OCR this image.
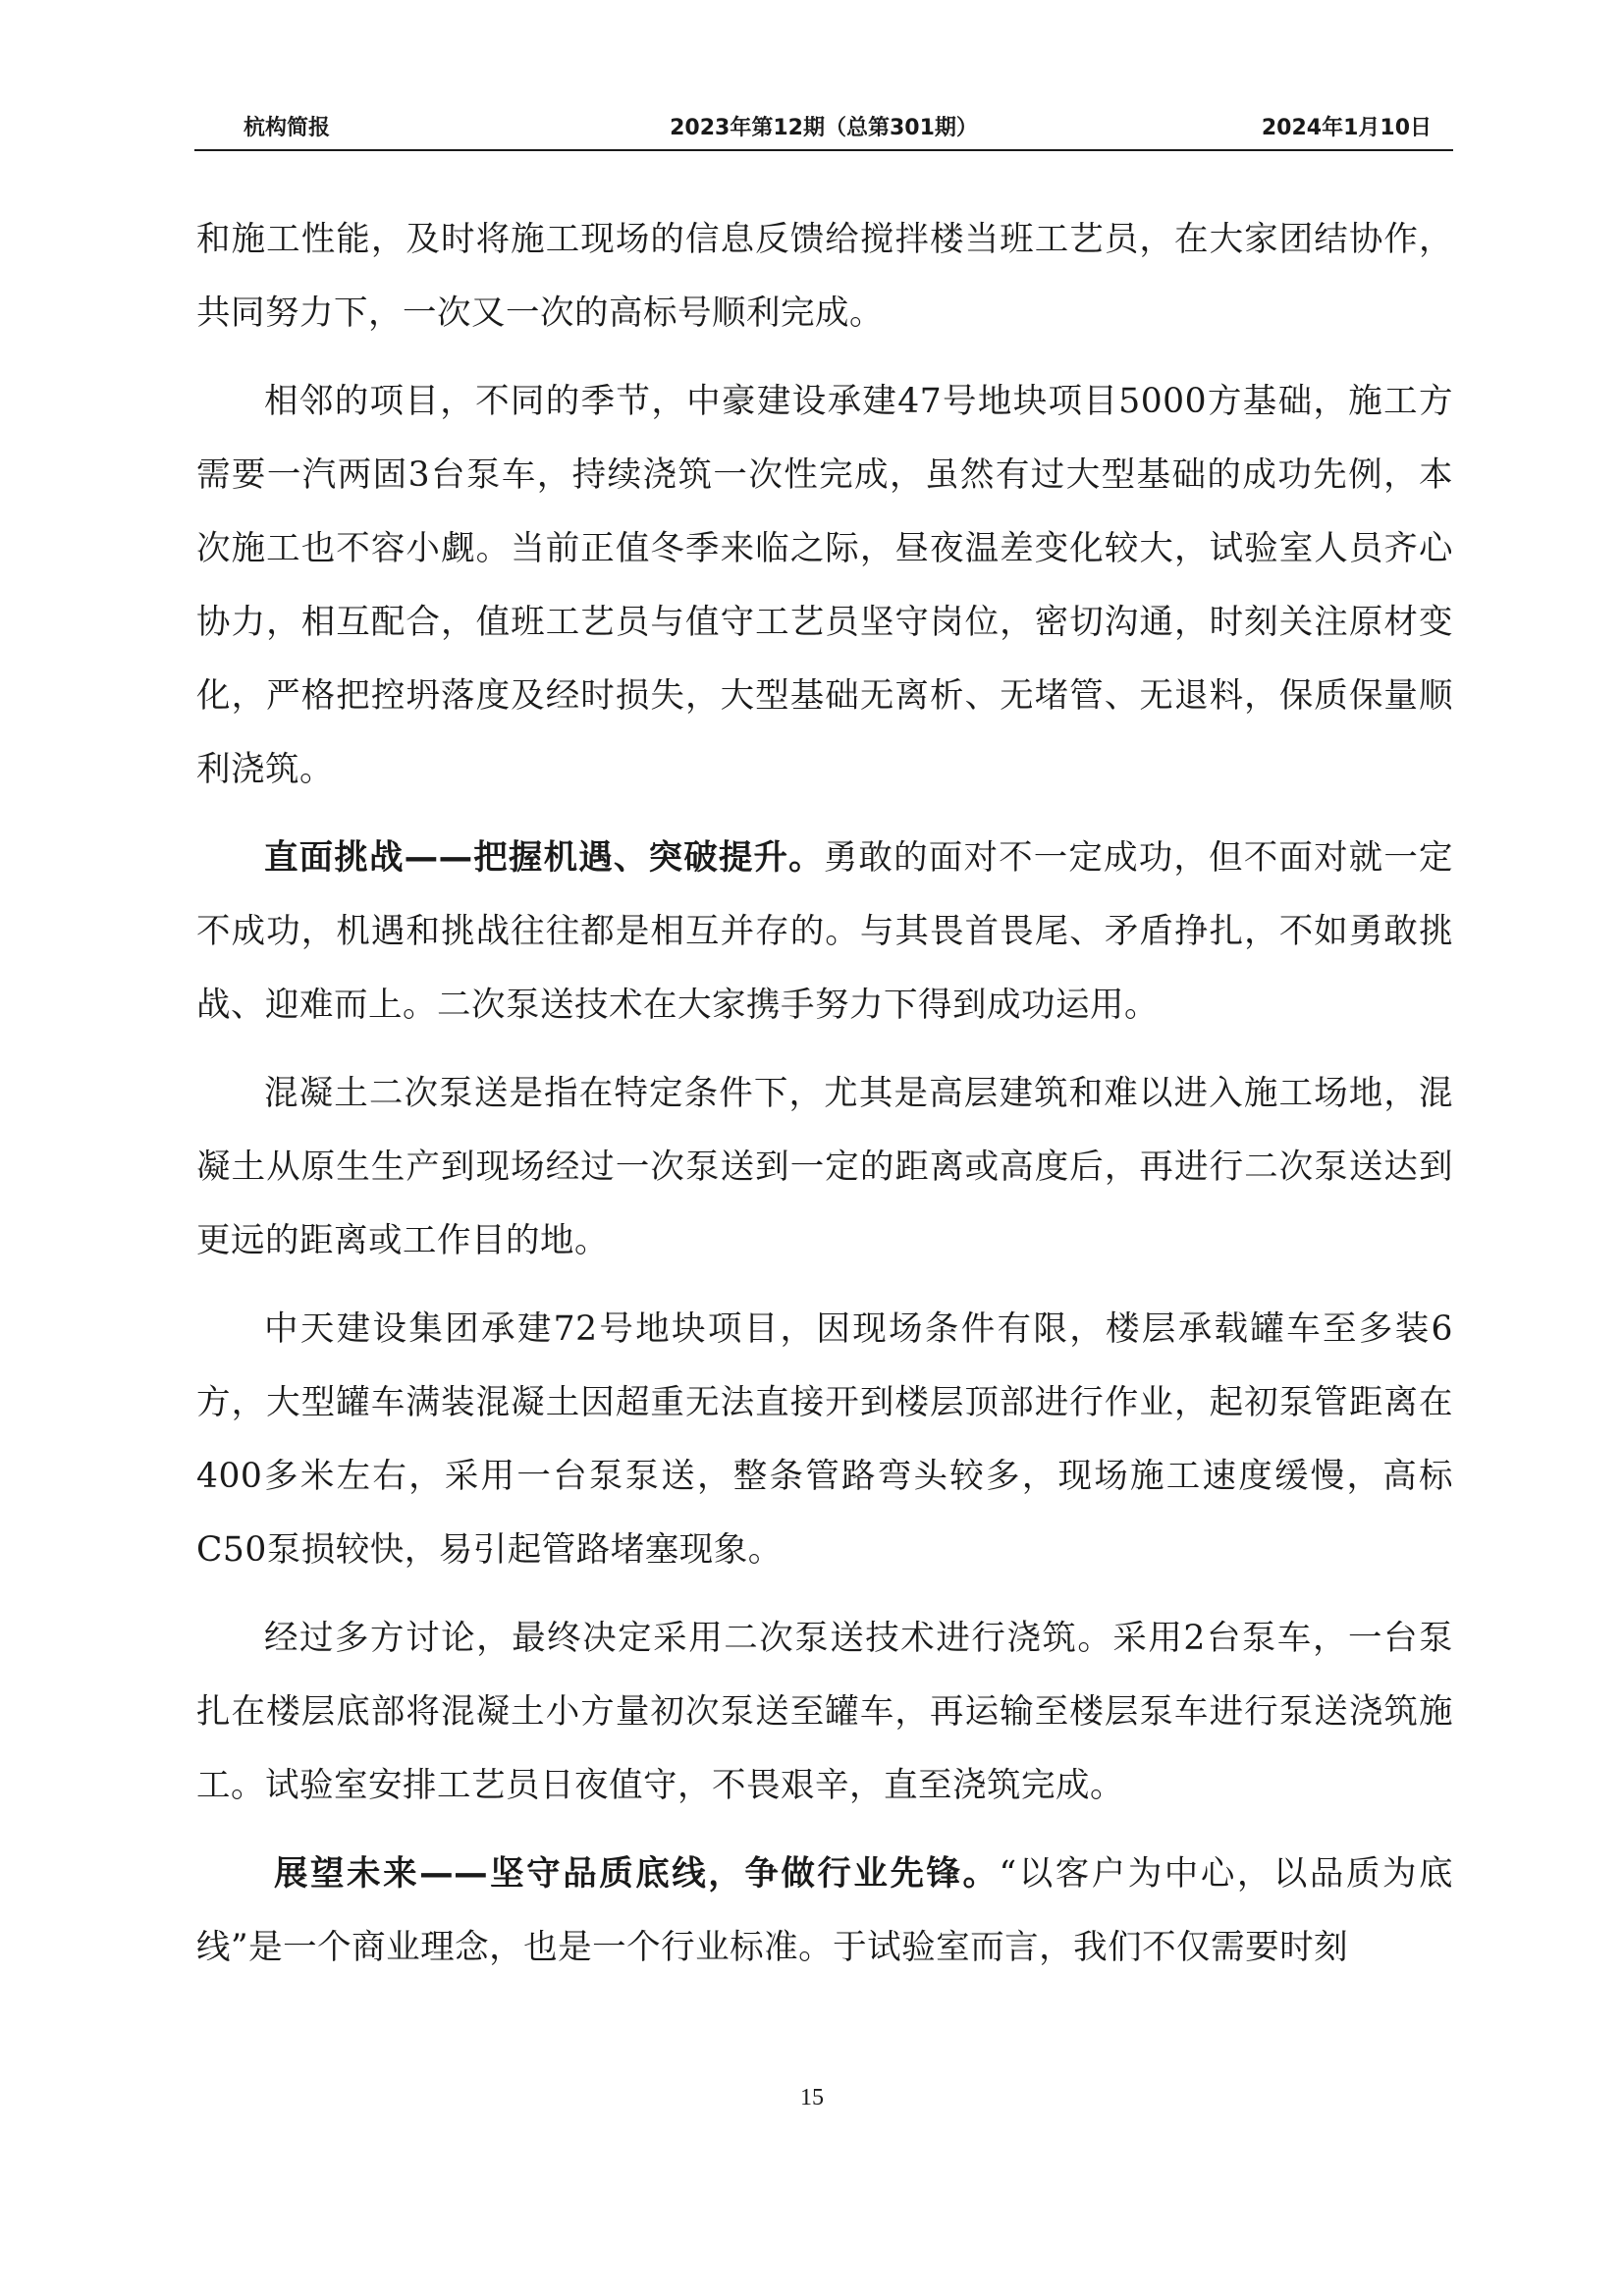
杭构简报	2023年第12期（总第301期）	2024年1月10日

和施工性能，及时将施工现场的信息反馈给搅拌楼当班工艺员，在大家团结协作，共同努力下，一次又一次的高标号顺利完成。

相邻的项目，不同的季节，中豪建设承建47号地块项目5000方基础，施工方需要一汽两固3台泵车，持续浇筑一次性完成，虽然有过大型基础的成功先例，本次施工也不容小觑。当前正值冬季来临之际，昼夜温差变化较大，试验室人员齐心协力，相互配合，值班工艺员与值守工艺员坚守岗位，密切沟通，时刻关注原材变化，严格把控坍落度及经时损失，大型基础无离析、无堵管、无退料，保质保量顺利浇筑。

直面挑战——把握机遇、突破提升。勇敢的面对不一定成功，但不面对就一定不成功，机遇和挑战往往都是相互并存的。与其畏首畏尾、矛盾挣扎，不如勇敢挑战、迎难而上。二次泵送技术在大家携手努力下得到成功运用。

混凝土二次泵送是指在特定条件下，尤其是高层建筑和难以进入施工场地，混凝土从原生生产到现场经过一次泵送到一定的距离或高度后，再进行二次泵送达到更远的距离或工作目的地。

中天建设集团承建72号地块项目，因现场条件有限，楼层承载罐车至多装6方，大型罐车满装混凝土因超重无法直接开到楼层顶部进行作业，起初泵管距离在400多米左右，采用一台泵泵送，整条管路弯头较多，现场施工速度缓慢，高标C50泵损较快，易引起管路堵塞现象。

经过多方讨论，最终决定采用二次泵送技术进行浇筑。采用2台泵车，一台泵扎在楼层底部将混凝土小方量初次泵送至罐车，再运输至楼层泵车进行泵送浇筑施工。试验室安排工艺员日夜值守，不畏艰辛，直至浇筑完成。

展望未来——坚守品质底线，争做行业先锋。“以客户为中心，以品质为底线”是一个商业理念，也是一个行业标准。于试验室而言，我们不仅需要时刻

15
